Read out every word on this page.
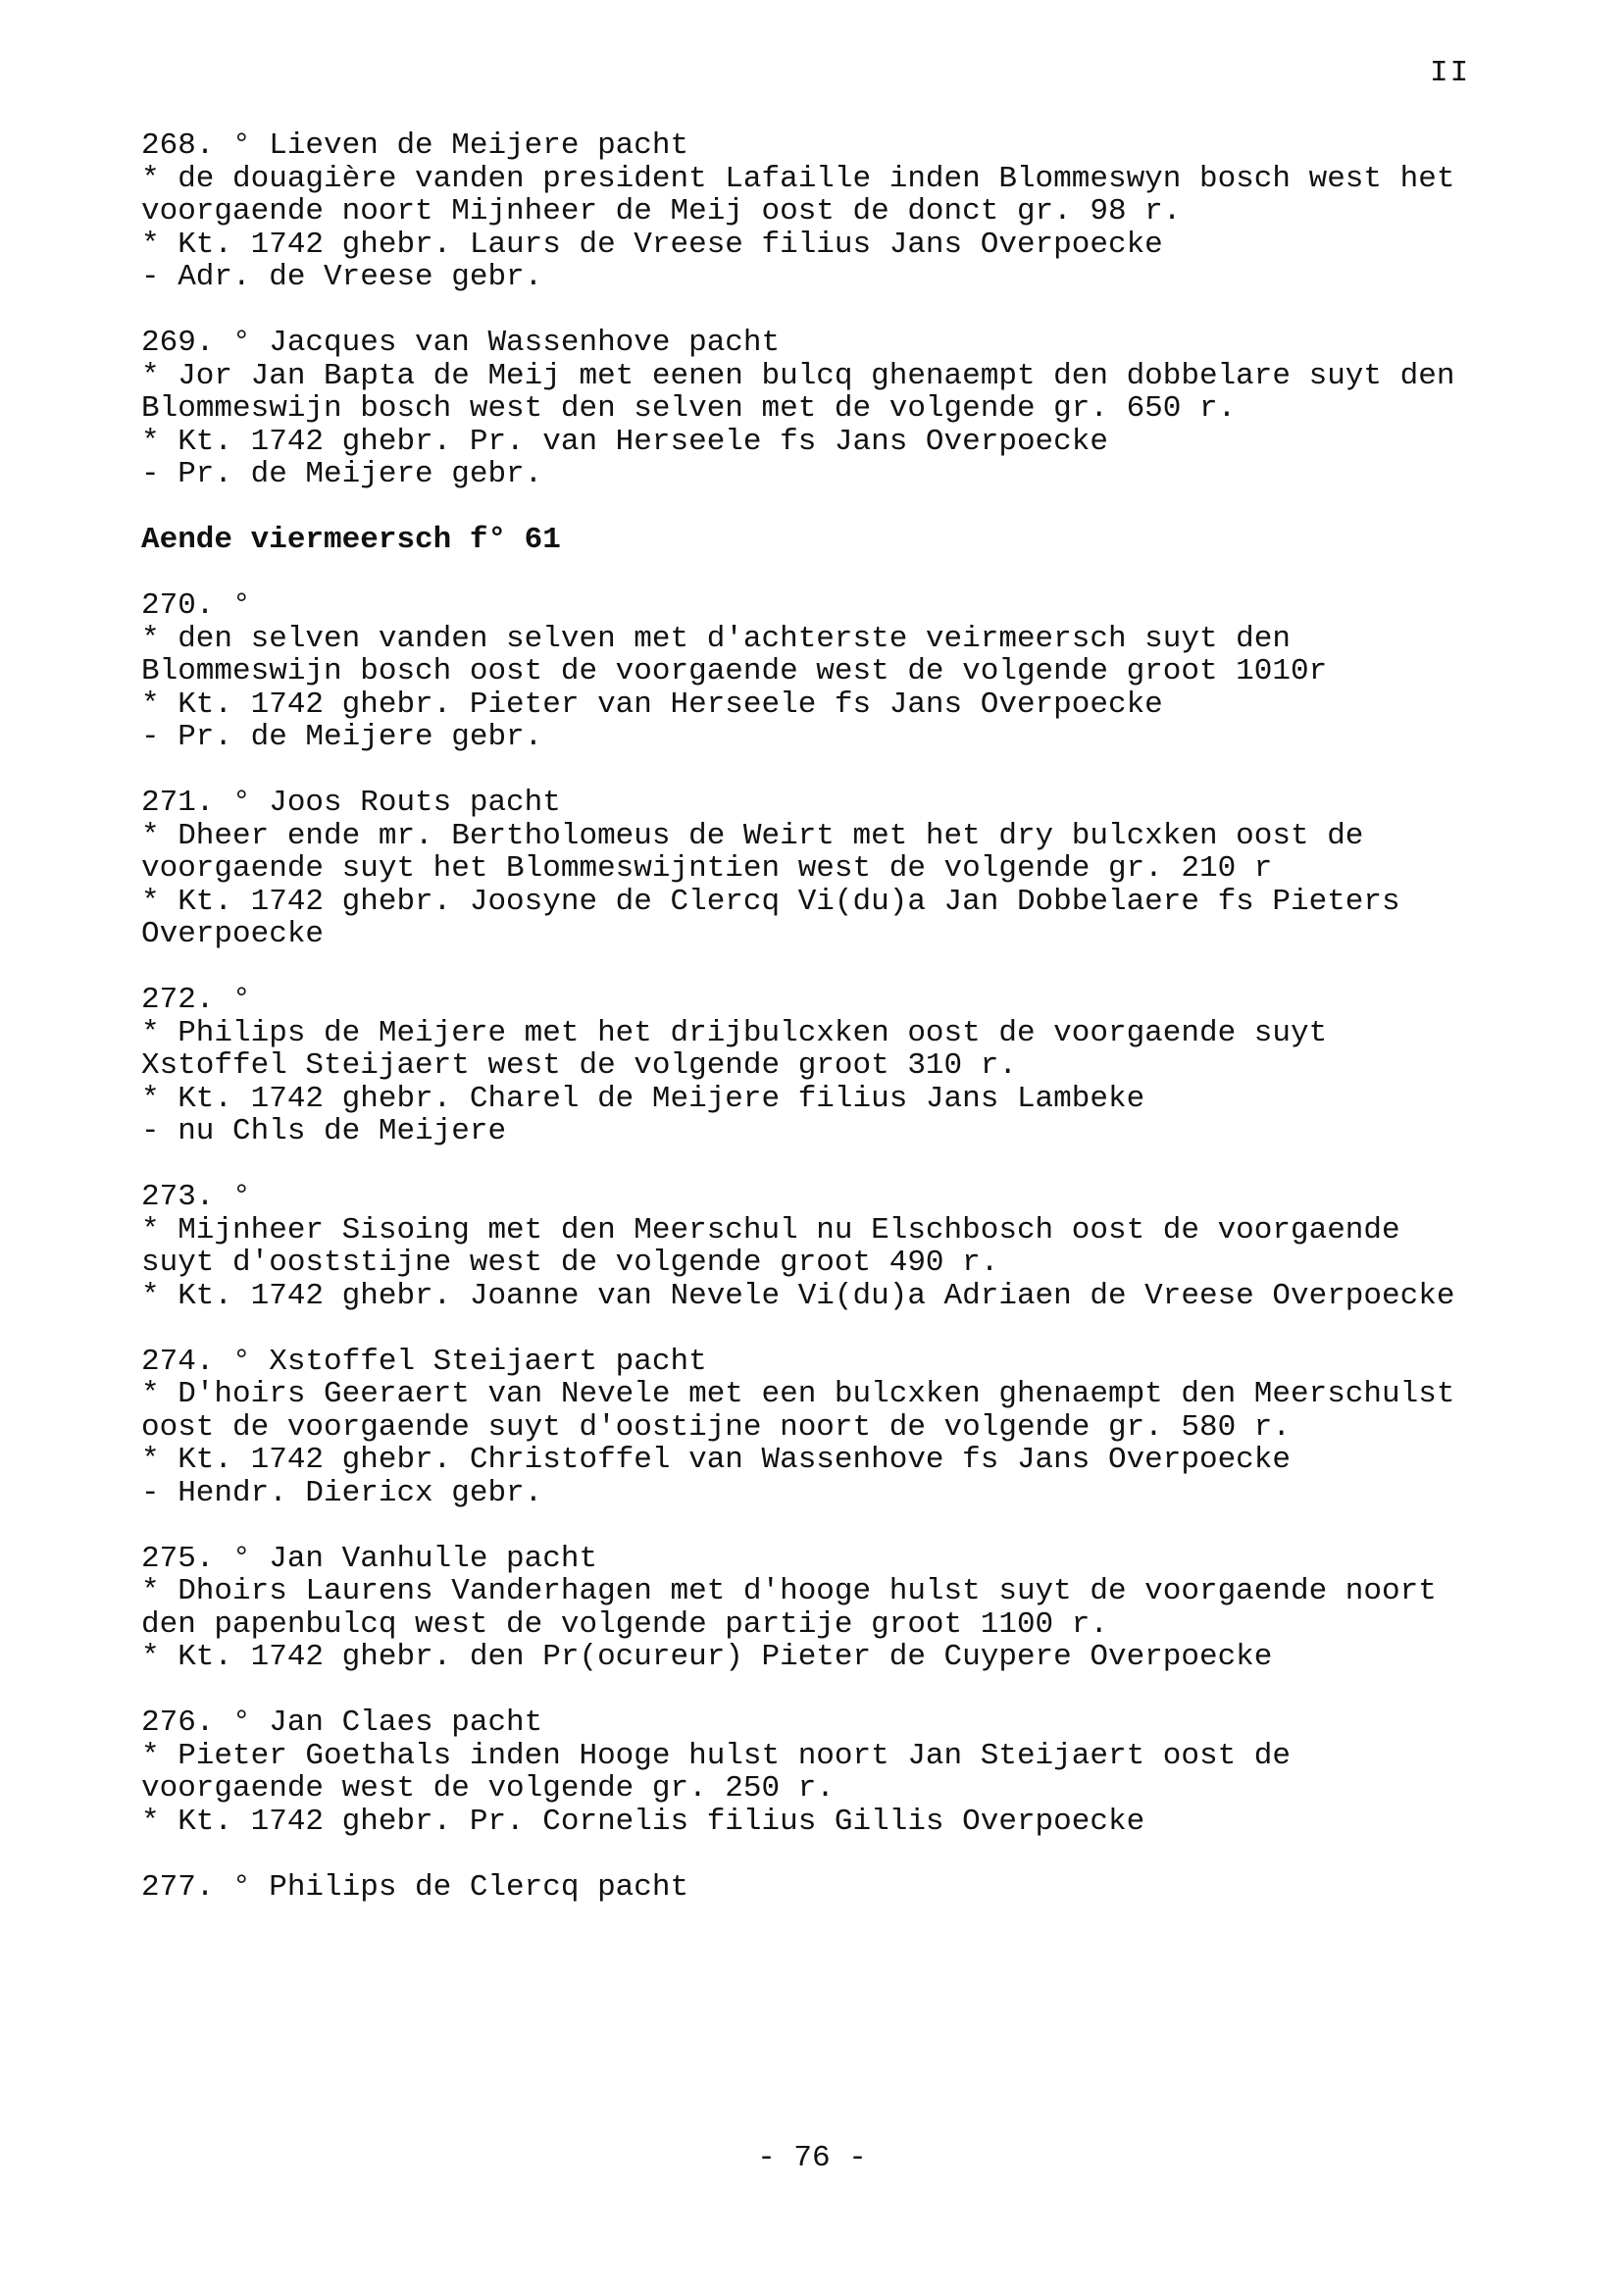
II
268. ° Lieven de Meijere pacht
* de douagière vanden president Lafaille inden Blommeswyn bosch west het voorgaende noort Mijnheer de Meij oost de donct gr. 98 r.
* Kt. 1742 ghebr. Laurs de Vreese filius Jans Overpoecke
- Adr. de Vreese gebr.
269. ° Jacques van Wassenhove pacht
* Jor Jan Bapta de Meij met eenen bulcq ghenaempt den dobbelare suyt den Blommeswijn bosch west den selven met de volgende gr. 650 r.
* Kt. 1742 ghebr. Pr. van Herseele fs Jans Overpoecke
- Pr. de Meijere gebr.
Aende viermeersch f° 61
270. °
* den selven vanden selven met d'achterste veirmeersch suyt den Blommeswijn bosch oost de voorgaende west de volgende groot 1010r
* Kt. 1742 ghebr. Pieter van Herseele fs Jans Overpoecke
- Pr. de Meijere gebr.
271. ° Joos Routs pacht
* Dheer ende mr. Bertholomeus de Weirt met het dry bulcxken oost de voorgaende suyt het Blommeswijntien west de volgende gr. 210 r
* Kt. 1742 ghebr. Joosyne de Clercq Vi(du)a Jan Dobbelaere fs Pieters Overpoecke
272. °
* Philips de Meijere met het drijbulcxken oost de voorgaende suyt Xstoffel Steijaert west de volgende groot 310 r.
* Kt. 1742 ghebr. Charel de Meijere filius Jans Lambeke
- nu Chls de Meijere
273. °
* Mijnheer Sisoing met den Meerschul nu Elschbosch oost de voorgaende suyt d'ooststijne west de volgende groot 490 r.
* Kt. 1742 ghebr. Joanne van Nevele Vi(du)a Adriaen de Vreese Overpoecke
274. ° Xstoffel Steijaert pacht
* D'hoirs Geeraert van Nevele met een bulcxken ghenaempt den Meerschulst oost de voorgaende suyt d'oostijne noort de volgende gr. 580 r.
* Kt. 1742 ghebr. Christoffel van Wassenhove fs Jans Overpoecke
- Hendr. Diericx gebr.
275. ° Jan Vanhulle pacht
* Dhoirs Laurens Vanderhagen met d'hooge hulst suyt de voorgaende noort den papenbulcq west de volgende partije groot 1100 r.
* Kt. 1742 ghebr. den Pr(ocureur) Pieter de Cuypere Overpoecke
276. ° Jan Claes pacht
* Pieter Goethals inden Hooge hulst noort Jan Steijaert oost de voorgaende west de volgende gr. 250 r.
* Kt. 1742 ghebr. Pr. Cornelis filius Gillis Overpoecke
277. ° Philips de Clercq pacht
- 76 -
